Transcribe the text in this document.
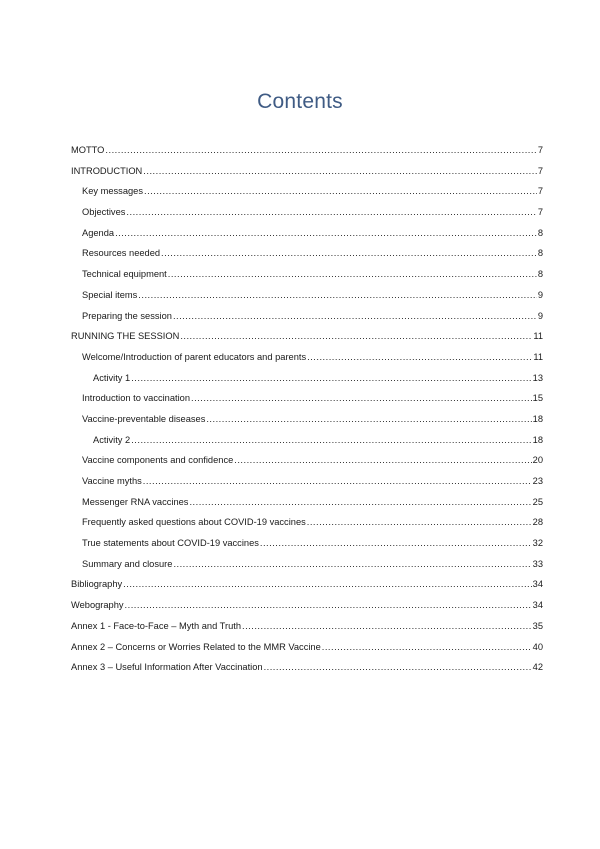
Contents
MOTTO .....	7
INTRODUCTION .....	7
Key messages .....	7
Objectives .....	7
Agenda .....	8
Resources needed .....	8
Technical equipment .....	8
Special items .....	9
Preparing the session .....	9
RUNNING THE SESSION .....	11
Welcome/Introduction of parent educators and parents .....	11
Activity 1 .....	13
Introduction to vaccination .....	15
Vaccine-preventable diseases .....	18
Activity 2 .....	18
Vaccine components and confidence .....	20
Vaccine myths .....	23
Messenger RNA vaccines .....	25
Frequently asked questions about COVID-19 vaccines .....	28
True statements about COVID-19 vaccines .....	32
Summary and closure .....	33
Bibliography .....	34
Webography .....	34
Annex 1 - Face-to-Face – Myth and Truth .....	35
Annex 2 – Concerns or Worries Related to the MMR Vaccine .....	40
Annex 3 – Useful Information After Vaccination .....	42
